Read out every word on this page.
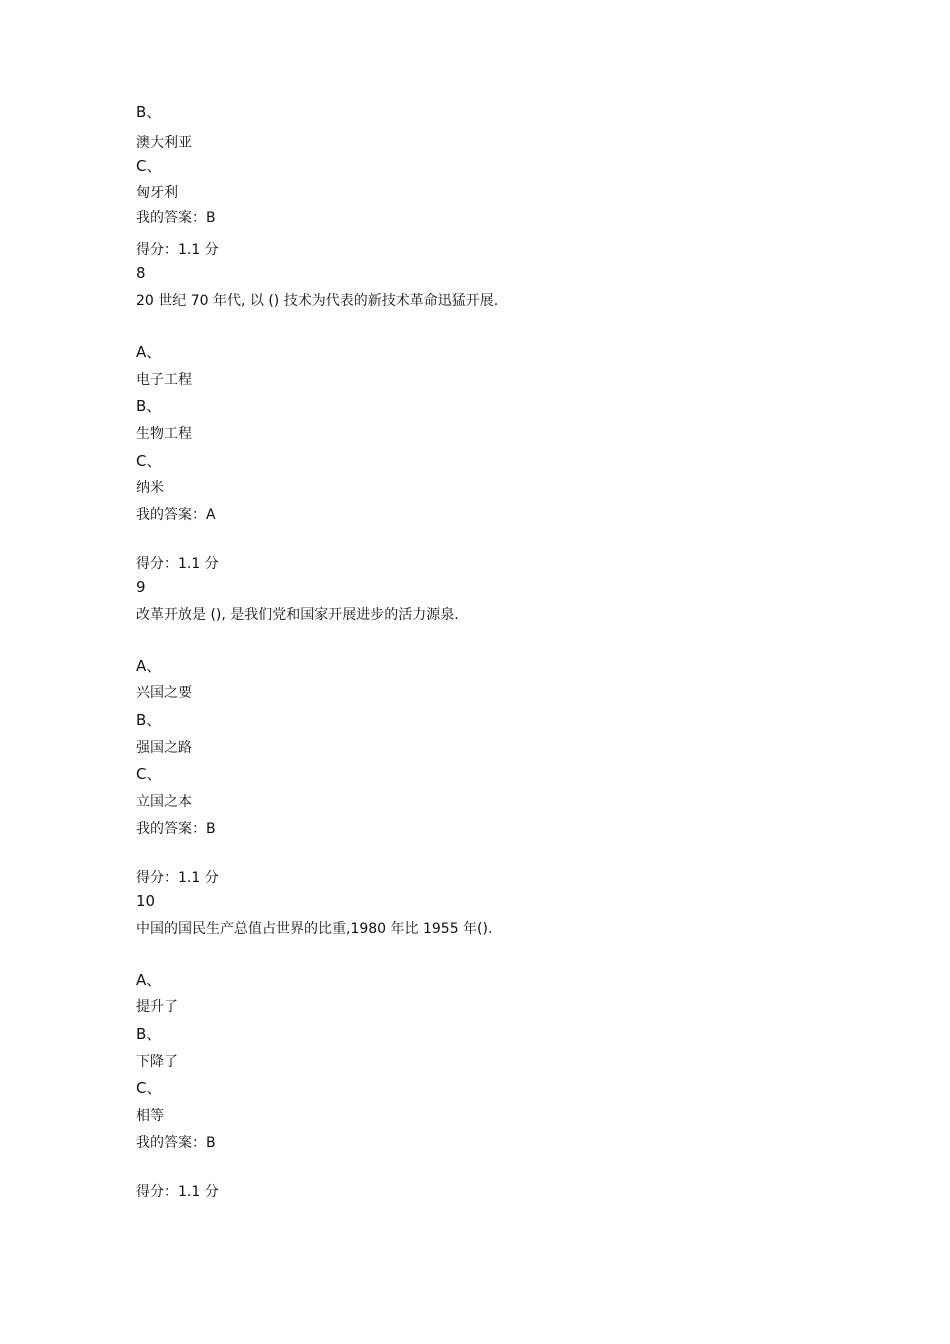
B、
澳大利亚
C、
匈牙利
我的答案：B
得分：1.1 分
8
20 世纪 70 年代, 以 () 技术为代表的新技术革命迅猛开展.
A、
电子工程
B、
生物工程
C、
纳米
我的答案：A
得分：1.1 分
9
改革开放是 (), 是我们党和国家开展进步的活力源泉.
A、
兴国之要
B、
强国之路
C、
立国之本
我的答案：B
得分：1.1 分
10
中国的国民生产总值占世界的比重,1980 年比 1955 年().
A、
提升了
B、
下降了
C、
相等
我的答案：B
得分：1.1 分
